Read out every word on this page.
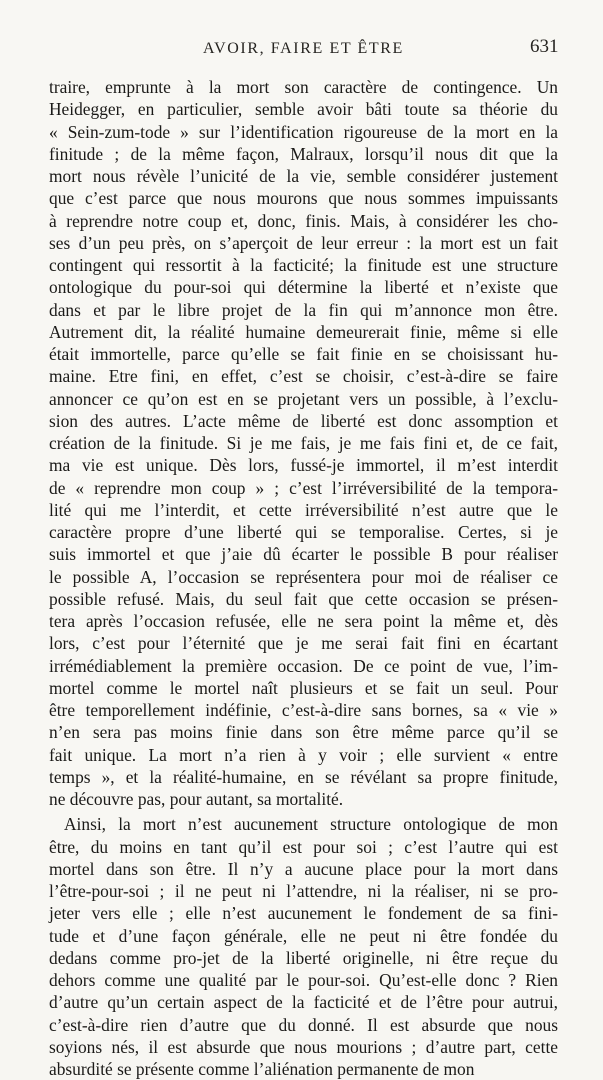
AVOIR, FAIRE ET ÊTRE	631
traire, emprunte à la mort son caractère de contingence. Un
Heidegger, en particulier, semble avoir bâti toute sa théorie du
« Sein-zum-tode » sur l’identification rigoureuse de la mort en la
finitude ; de la même façon, Malraux, lorsqu’il nous dit que la
mort nous révèle l’unicité de la vie, semble considérer justement
que c’est parce que nous mourons que nous sommes impuissants
à reprendre notre coup et, donc, finis. Mais, à considérer les cho-
ses d’un peu près, on s’aperçoit de leur erreur : la mort est un fait
contingent qui ressortit à la facticité; la finitude est une structure
ontologique du pour-soi qui détermine la liberté et n’existe que
dans et par le libre projet de la fin qui m’annonce mon être.
Autrement dit, la réalité humaine demeurerait finie, même si elle
était immortelle, parce qu’elle se fait finie en se choisissant hu-
maine. Etre fini, en effet, c’est se choisir, c’est-à-dire se faire
annoncer ce qu’on est en se projetant vers un possible, à l’exclu-
sion des autres. L’acte même de liberté est donc assomption et
création de la finitude. Si je me fais, je me fais fini et, de ce fait,
ma vie est unique. Dès lors, fussé-je immortel, il m’est interdit
de « reprendre mon coup » ; c’est l’irréversibilité de la tempora-
lité qui me l’interdit, et cette irréversibilité n’est autre que le
caractère propre d’une liberté qui se temporalise. Certes, si je
suis immortel et que j’aie dû écarter le possible B pour réaliser
le possible A, l’occasion se représentera pour moi de réaliser ce
possible refusé. Mais, du seul fait que cette occasion se présen-
tera après l’occasion refusée, elle ne sera point la même et, dès
lors, c’est pour l’éternité que je me serai fait fini en écartant
irrémédiablement la première occasion. De ce point de vue, l’im-
mortel comme le mortel naît plusieurs et se fait un seul. Pour
être temporellement indéfinie, c’est-à-dire sans bornes, sa « vie »
n’en sera pas moins finie dans son être même parce qu’il se
fait unique. La mort n’a rien à y voir ; elle survient « entre
temps », et la réalité-humaine, en se révélant sa propre finitude,
ne découvre pas, pour autant, sa mortalité.
Ainsi, la mort n’est aucunement structure ontologique de mon
être, du moins en tant qu’il est pour soi ; c’est l’autre qui est
mortel dans son être. Il n’y a aucune place pour la mort dans
l’être-pour-soi ; il ne peut ni l’attendre, ni la réaliser, ni se pro-
jeter vers elle ; elle n’est aucunement le fondement de sa fini-
tude et d’une façon générale, elle ne peut ni être fondée du
dedans comme pro-jet de la liberté originelle, ni être reçue du
dehors comme une qualité par le pour-soi. Qu’est-elle donc ? Rien
d’autre qu’un certain aspect de la facticité et de l’être pour autrui,
c’est-à-dire rien d’autre que du donné. Il est absurde que nous
soyions nés, il est absurde que nous mourions ; d’autre part, cette
absurdité se présente comme l’aliénation permanente de mon
